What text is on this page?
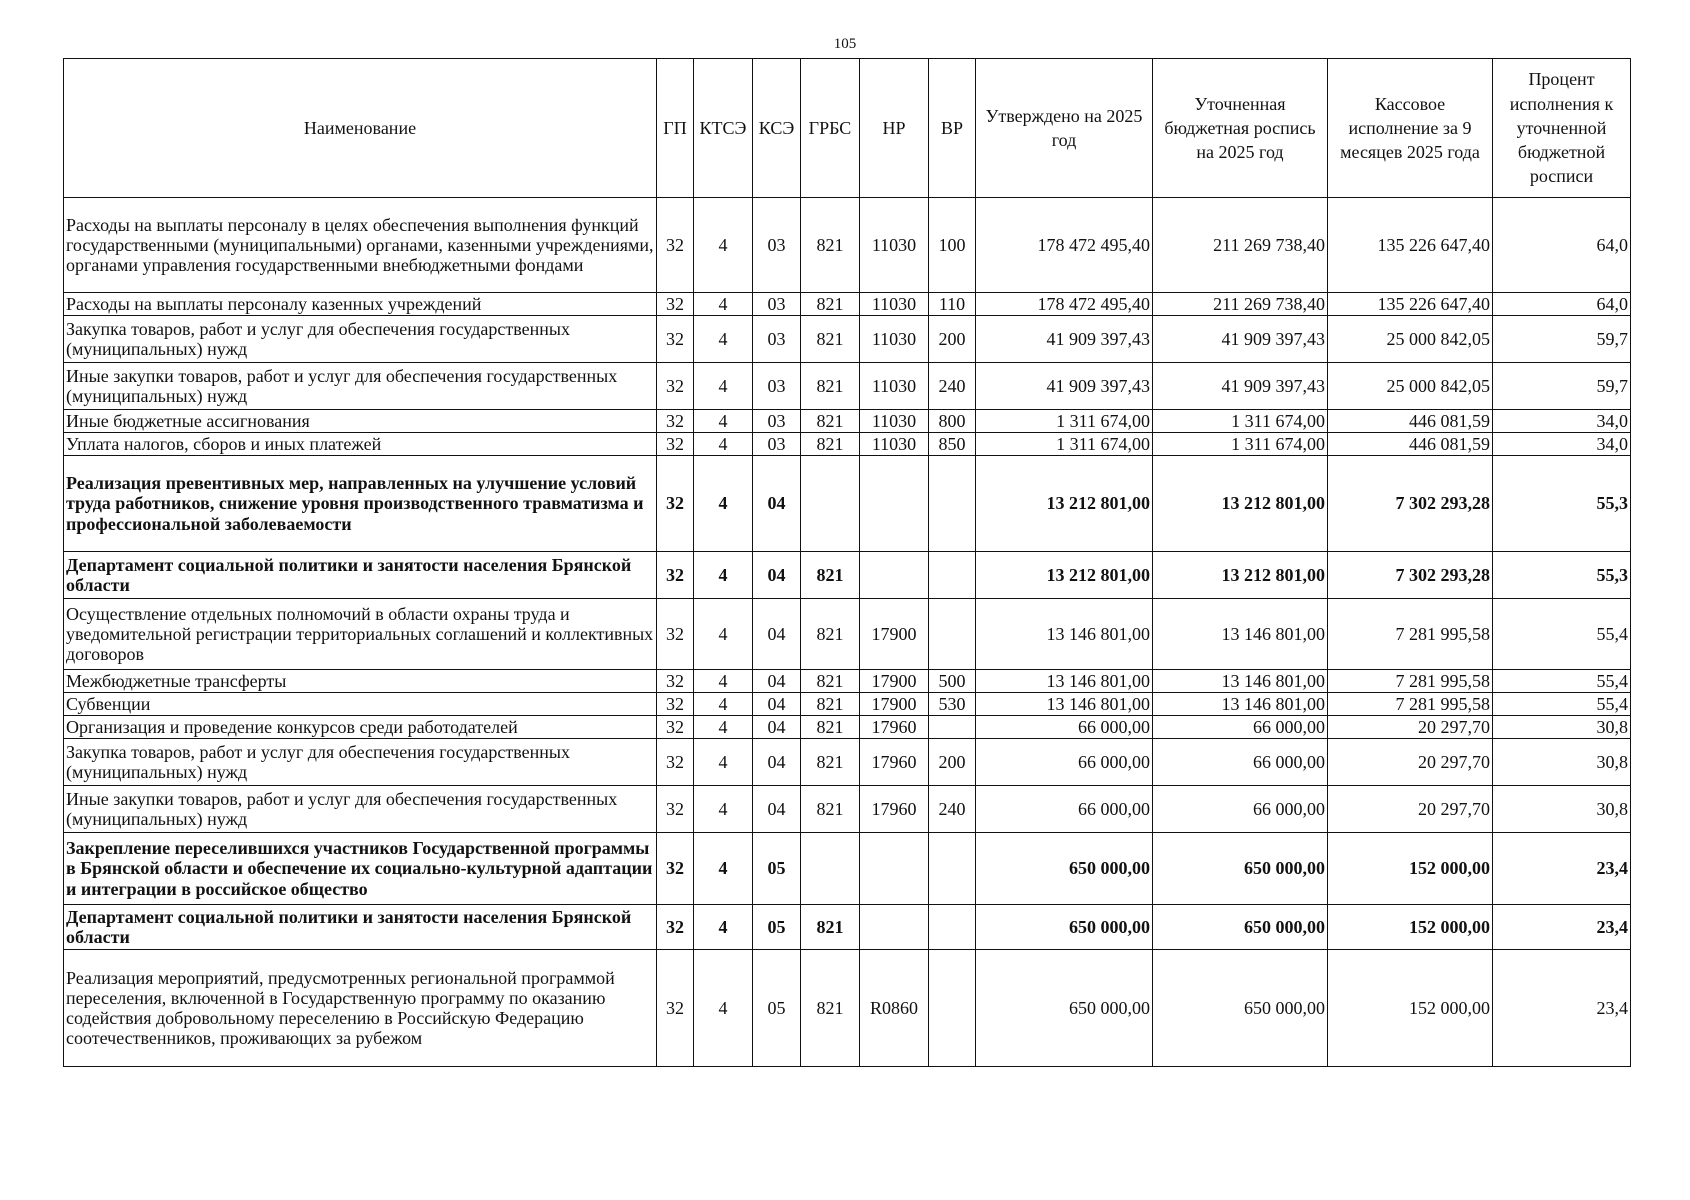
105
Наименование	ГП	КТСЭ	КСЭ	ГРБС	НР	ВР	Утверждено на 2025 год	Уточненная бюджетная роспись на 2025 год	Кассовое исполнение за 9 месяцев 2025 года	Процент исполнения к уточненной бюджетной росписи
Расходы на выплаты персоналу в целях обеспечения выполнения функций государственными (муниципальными) органами, казенными учреждениями, органами управления государственными внебюджетными фондами	32	4	03	821	11030	100	178 472 495,40	211 269 738,40	135 226 647,40	64,0
Расходы на выплаты персоналу казенных учреждений	32	4	03	821	11030	110	178 472 495,40	211 269 738,40	135 226 647,40	64,0
Закупка товаров, работ и услуг для обеспечения государственных (муниципальных) нужд	32	4	03	821	11030	200	41 909 397,43	41 909 397,43	25 000 842,05	59,7
Иные закупки товаров, работ и услуг для обеспечения государственных (муниципальных) нужд	32	4	03	821	11030	240	41 909 397,43	41 909 397,43	25 000 842,05	59,7
Иные бюджетные ассигнования	32	4	03	821	11030	800	1 311 674,00	1 311 674,00	446 081,59	34,0
Уплата налогов, сборов и иных платежей	32	4	03	821	11030	850	1 311 674,00	1 311 674,00	446 081,59	34,0
Реализация превентивных мер, направленных на улучшение условий труда работников, снижение уровня производственного травматизма и профессиональной заболеваемости	32	4	04				13 212 801,00	13 212 801,00	7 302 293,28	55,3
Департамент социальной политики и занятости населения Брянской области	32	4	04	821			13 212 801,00	13 212 801,00	7 302 293,28	55,3
Осуществление отдельных полномочий в области охраны труда и уведомительной регистрации территориальных соглашений и коллективных договоров	32	4	04	821	17900		13 146 801,00	13 146 801,00	7 281 995,58	55,4
Межбюджетные трансферты	32	4	04	821	17900	500	13 146 801,00	13 146 801,00	7 281 995,58	55,4
Субвенции	32	4	04	821	17900	530	13 146 801,00	13 146 801,00	7 281 995,58	55,4
Организация и проведение конкурсов среди работодателей	32	4	04	821	17960		66 000,00	66 000,00	20 297,70	30,8
Закупка товаров, работ и услуг для обеспечения государственных (муниципальных) нужд	32	4	04	821	17960	200	66 000,00	66 000,00	20 297,70	30,8
Иные закупки товаров, работ и услуг для обеспечения государственных (муниципальных) нужд	32	4	04	821	17960	240	66 000,00	66 000,00	20 297,70	30,8
Закрепление переселившихся участников Государственной программы в Брянской области и обеспечение их социально-культурной адаптации и интеграции в российское общество	32	4	05				650 000,00	650 000,00	152 000,00	23,4
Департамент социальной политики и занятости населения Брянской области	32	4	05	821			650 000,00	650 000,00	152 000,00	23,4
Реализация мероприятий, предусмотренных региональной программой переселения, включенной в Государственную программу по оказанию содействия добровольному переселению в Российскую Федерацию соотечественников, проживающих за рубежом	32	4	05	821	R0860		650 000,00	650 000,00	152 000,00	23,4
